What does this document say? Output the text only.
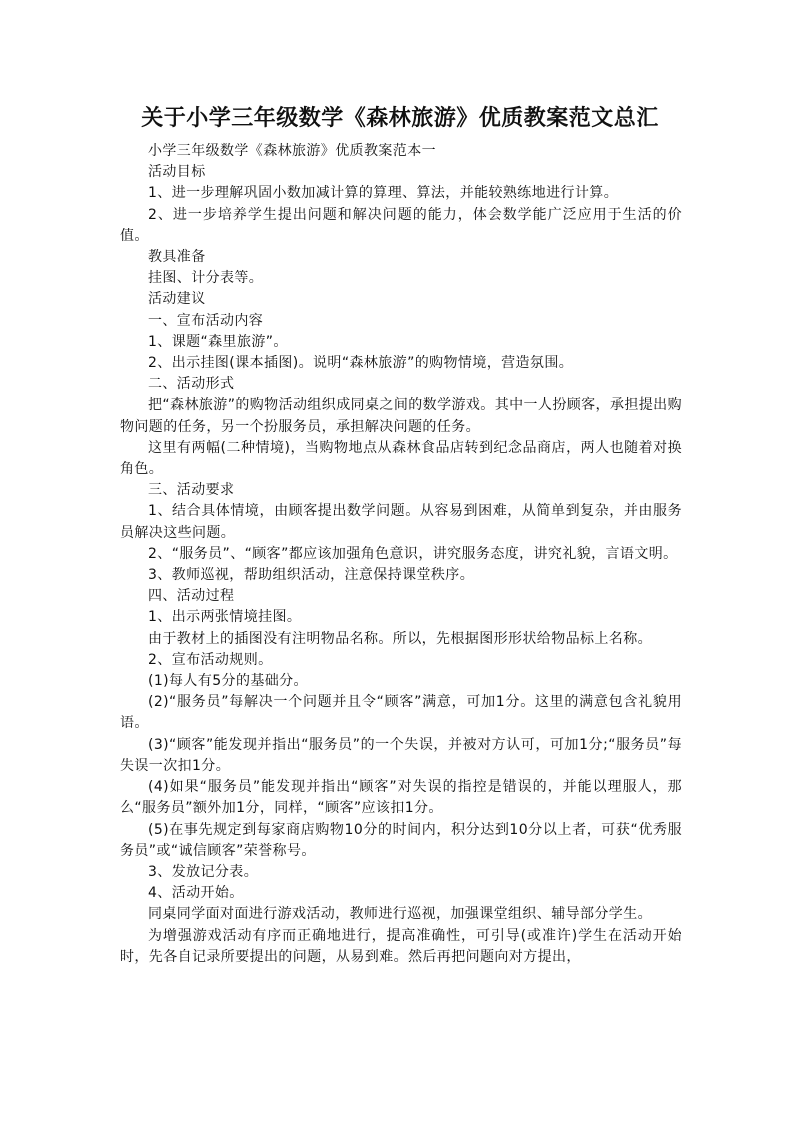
关于小学三年级数学《森林旅游》优质教案范文总汇

小学三年级数学《森林旅游》优质教案范本一

活动目标

1、进一步理解巩固小数加减计算的算理、算法，并能较熟练地进行计算。

2、进一步培养学生提出问题和解决问题的能力，体会数学能广泛应用于生活的价值。

教具准备

挂图、计分表等。

活动建议

一、宣布活动内容

1、课题“森里旅游”。

2、出示挂图(课本插图)。说明“森林旅游”的购物情境，营造氛围。

二、活动形式

把“森林旅游”的购物活动组织成同桌之间的数学游戏。其中一人扮顾客，承担提出购物问题的任务，另一个扮服务员，承担解决问题的任务。

这里有两幅(二种情境)，当购物地点从森林食品店转到纪念品商店，两人也随着对换角色。

三、活动要求

1、结合具体情境，由顾客提出数学问题。从容易到困难，从简单到复杂，并由服务员解决这些问题。

2、“服务员”、“顾客”都应该加强角色意识，讲究服务态度，讲究礼貌，言语文明。

3、教师巡视，帮助组织活动，注意保持课堂秩序。

四、活动过程

1、出示两张情境挂图。

由于教材上的插图没有注明物品名称。所以，先根据图形形状给物品标上名称。

2、宣布活动规则。

(1)每人有5分的基础分。

(2)“服务员”每解决一个问题并且令“顾客”满意，可加1分。这里的满意包含礼貌用语。

(3)“顾客”能发现并指出“服务员”的一个失误，并被对方认可，可加1分;“服务员”每失误一次扣1分。

(4)如果“服务员”能发现并指出“顾客”对失误的指控是错误的，并能以理服人，那么“服务员”额外加1分，同样，“顾客”应该扣1分。

(5)在事先规定到每家商店购物10分的时间内，积分达到10分以上者，可获“优秀服务员”或“诚信顾客”荣誉称号。

3、发放记分表。

4、活动开始。

同桌同学面对面进行游戏活动，教师进行巡视，加强课堂组织、辅导部分学生。

为增强游戏活动有序而正确地进行，提高准确性，可引导(或准许)学生在活动开始时，先各自记录所要提出的问题，从易到难。然后再把问题向对方提出，
